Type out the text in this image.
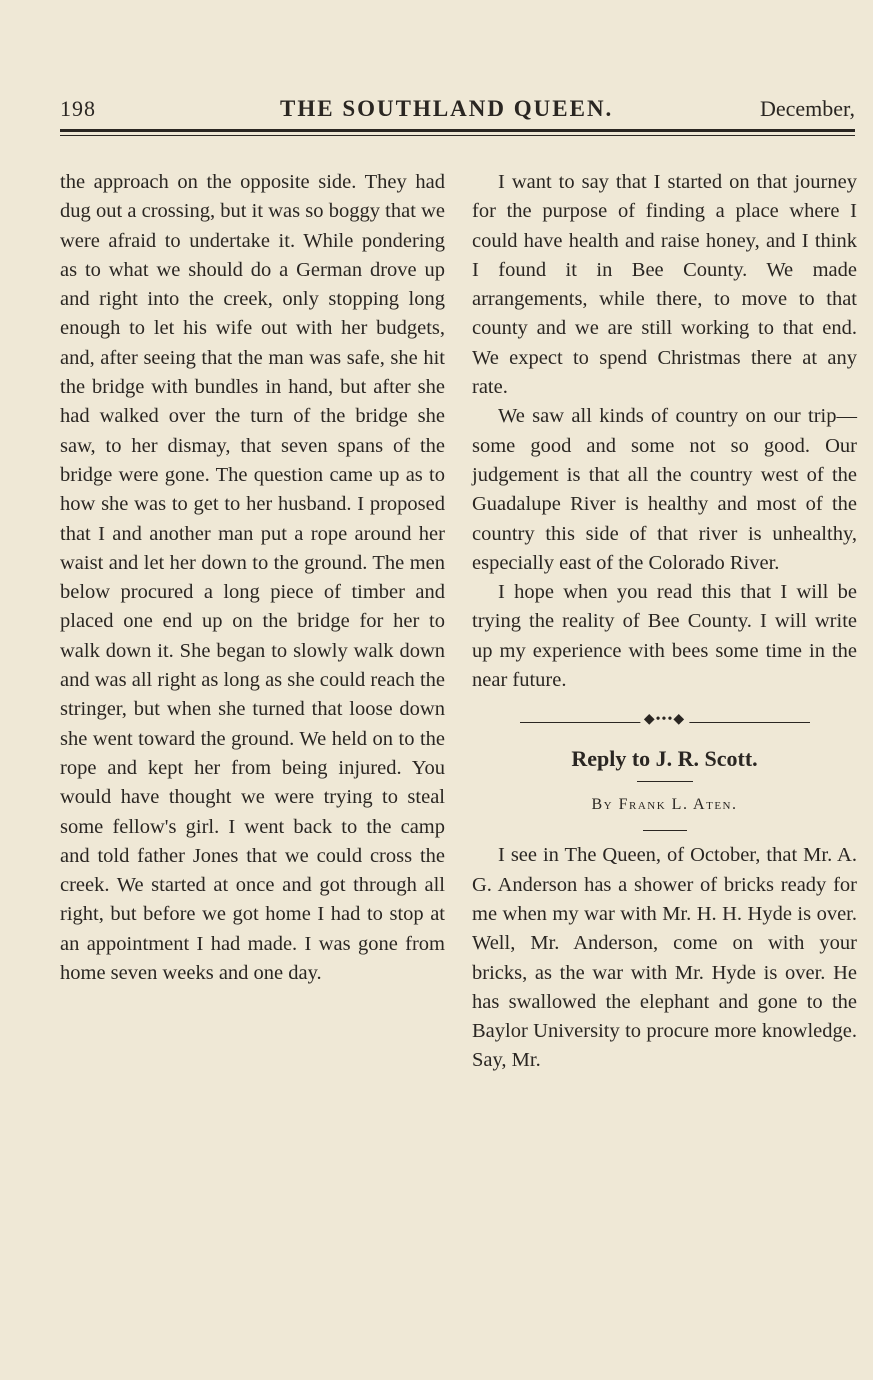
198	THE SOUTHLAND QUEEN.	December,

the approach on the opposite side. They had dug out a crossing, but it was so boggy that we were afraid to undertake it. While pondering as to what we should do a German drove up and right into the creek, only stopping long enough to let his wife out with her budgets, and, after seeing that the man was safe, she hit the bridge with bundles in hand, but after she had walked over the turn of the bridge she saw, to her dismay, that seven spans of the bridge were gone. The question came up as to how she was to get to her husband. I proposed that I and another man put a rope around her waist and let her down to the ground. The men below procured a long piece of timber and placed one end up on the bridge for her to walk down it. She began to slowly walk down and was all right as long as she could reach the stringer, but when she turned that loose down she went toward the ground. We held on to the rope and kept her from being injured. You would have thought we were trying to steal some fellow's girl. I went back to the camp and told father Jones that we could cross the creek. We started at once and got through all right, but before we got home I had to stop at an appointment I had made. I was gone from home seven weeks and one day.

I want to say that I started on that journey for the purpose of finding a place where I could have health and raise honey, and I think I found it in Bee County. We made arrangements, while there, to move to that county and we are still working to that end. We expect to spend Christmas there at any rate.

We saw all kinds of country on our trip—some good and some not so good. Our judgement is that all the country west of the Guadalupe River is healthy and most of the country this side of that river is unhealthy, especially east of the Colorado River.

I hope when you read this that I will be trying the reality of Bee County. I will write up my experience with bees some time in the near future.

◆•••◆
Reply to J. R. Scott.
By Frank L. Aten.

I see in The Queen, of October, that Mr. A. G. Anderson has a shower of bricks ready for me when my war with Mr. H. H. Hyde is over. Well, Mr. Anderson, come on with your bricks, as the war with Mr. Hyde is over. He has swallowed the elephant and gone to the Baylor University to procure more knowledge. Say, Mr.
